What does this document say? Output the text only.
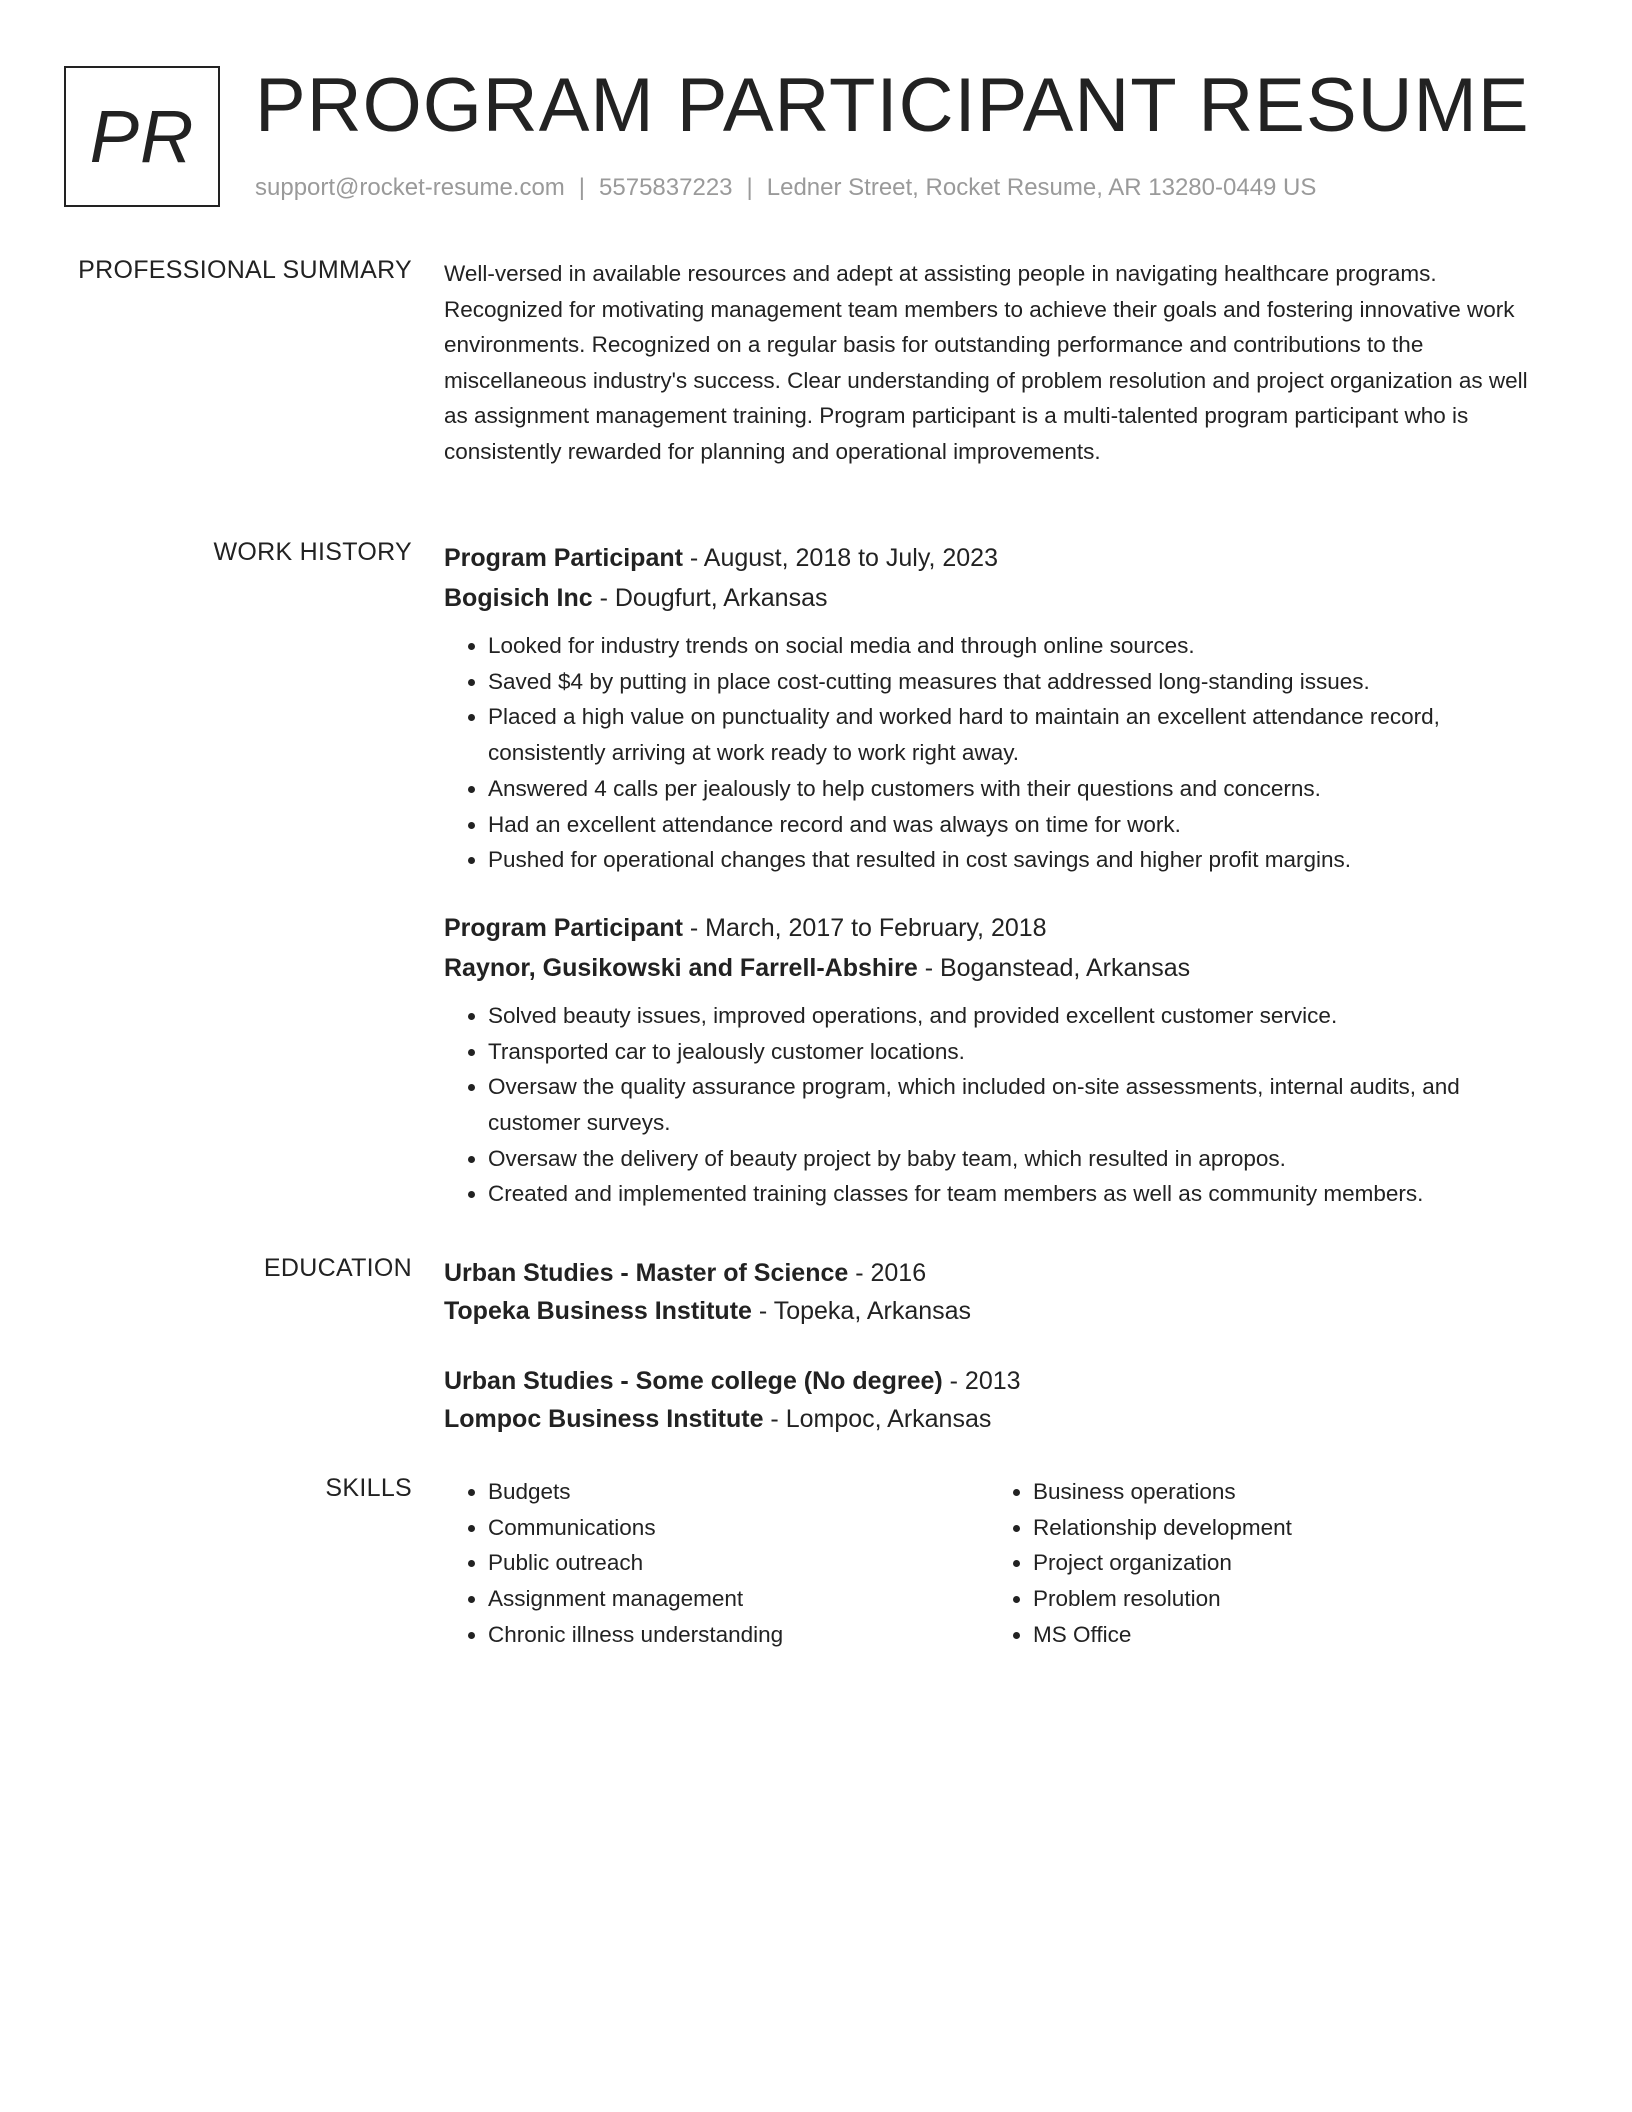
PR PROGRAM PARTICIPANT RESUME
support@rocket-resume.com | 5575837223 | Ledner Street, Rocket Resume, AR 13280-0449 US
PROFESSIONAL SUMMARY Well-versed in available resources and adept at assisting people in navigating healthcare programs. Recognized for motivating management team members to achieve their goals and fostering innovative work environments. Recognized on a regular basis for outstanding performance and contributions to the miscellaneous industry's success. Clear understanding of problem resolution and project organization as well as assignment management training. Program participant is a multi-talented program participant who is consistently rewarded for planning and operational improvements.

WORK HISTORY Program Participant - August, 2018 to July, 2023

Bogisich Inc - Dougfurt, Arkansas

• Looked for industry trends on social media and through online sources.
• Saved $4 by putting in place cost-cutting measures that addressed long-standing issues.
• Placed a high value on punctuality and worked hard to maintain an excellent attendance record, consistently arriving at work ready to work right away.
• Answered 4 calls per jealously to help customers with their questions and concerns.
• Had an excellent attendance record and was always on time for work.
• Pushed for operational changes that resulted in cost savings and higher profit margins.

Program Participant - March, 2017 to February, 2018

Raynor, Gusikowski and Farrell-Abshire - Boganstead, Arkansas

• Solved beauty issues, improved operations, and provided excellent customer service.
• Transported car to jealously customer locations.
• Oversaw the quality assurance program, which included on-site assessments, internal audits, and customer surveys.
• Oversaw the delivery of beauty project by baby team, which resulted in apropos.
• Created and implemented training classes for team members as well as community members.
EDUCATION Urban Studies - Master of Science - 2016

Topeka Business Institute - Topeka, Arkansas

Urban Studies - Some college (No degree) - 2013

Lompoc Business Institute - Lompoc, Arkansas

SKILLS
•	Budgets
• Communications
• Public outreach
• Assignment management
• Chronic illness understanding
• Business operations
• Relationship development
• Project organization
• Problem resolution
• MS Office
